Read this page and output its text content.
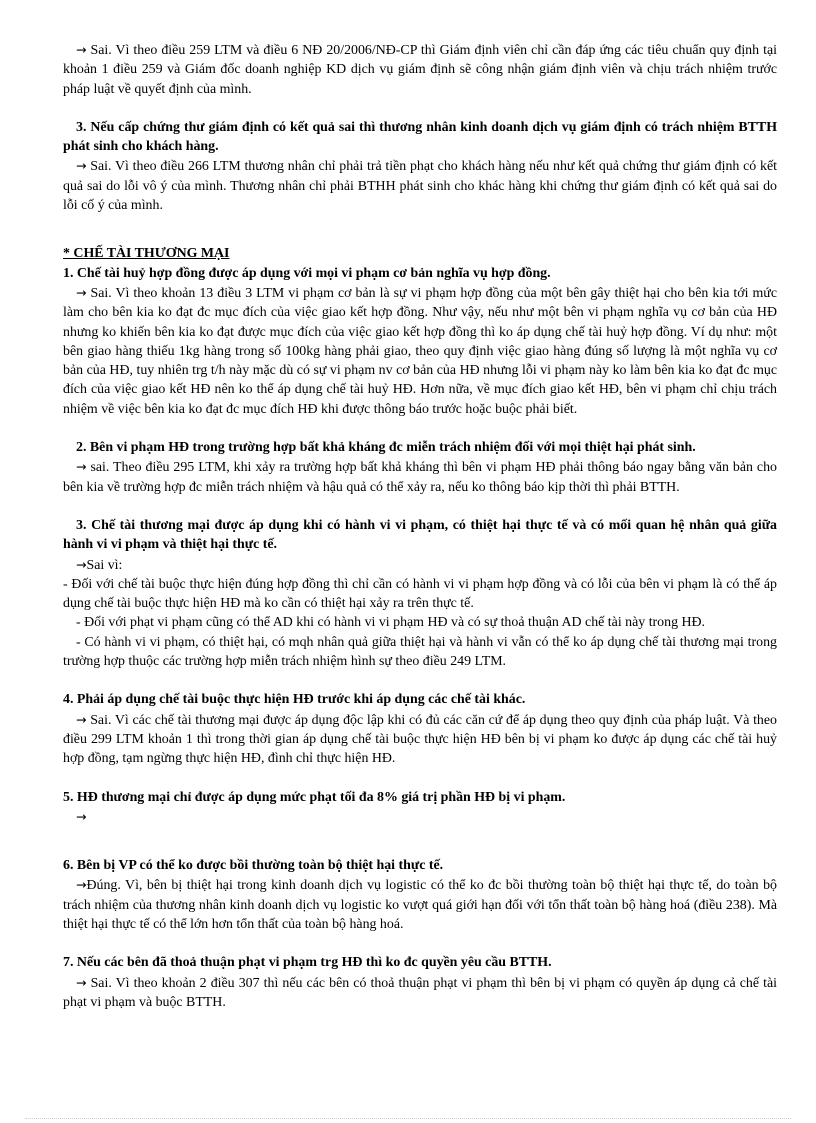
→ Sai. Vì theo điều 259 LTM và điều 6 NĐ 20/2006/NĐ-CP thì Giám định viên chỉ cần đáp ứng các tiêu chuẩn quy định tại khoản 1 điều 259 và Giám đốc doanh nghiệp KD dịch vụ giám định sẽ công nhận giám định viên và chịu trách nhiệm trước pháp luật về quyết định của mình.

3. Nếu cấp chứng thư giám định có kết quả sai thì thương nhân kinh doanh dịch vụ giám định có trách nhiệm BTTH phát sinh cho khách hàng.

→ Sai. Vì theo điều 266 LTM thương nhân chỉ phải trả tiền phạt cho khách hàng nếu như kết quả chứng thư giám định có kết quả sai do lỗi vô ý của mình. Thương nhân chỉ phải BTHH phát sinh cho khác hàng khi chứng thư giám định có kết quả sai do lỗi cố ý của mình.

* CHẾ TÀI THƯƠNG MẠI

1. Chế tài huỷ hợp đồng được áp dụng với mọi vi phạm cơ bản nghĩa vụ hợp đồng.

→ Sai. Vì theo khoản 13 điều 3 LTM vi phạm cơ bản là sự vi phạm hợp đồng của một bên gây thiệt hại cho bên kia tới mức làm cho bên kia ko đạt đc mục đích của việc giao kết hợp đồng. Như vậy, nếu như một bên vi phạm nghĩa vụ cơ bản của HĐ nhưng ko khiến bên kia ko đạt được mục đích của việc giao kết hợp đồng thì ko áp dụng chế tài huỷ hợp đồng. Ví dụ như: một bên giao hàng thiếu 1kg hàng trong số 100kg hàng phải giao, theo quy định việc giao hàng đúng số lượng là một nghĩa vụ cơ bản của HĐ, tuy nhiên trg t/h này mặc dù có sự vi phạm nv cơ bản của HĐ nhưng lỗi vi phạm này ko làm bên kia ko đạt đc mục đích của việc giao kết HĐ nên ko thể áp dụng chế tài huỷ HĐ. Hơn nữa, về mục đích giao kết HĐ, bên vi phạm chỉ chịu trách nhiệm về việc bên kia ko đạt đc mục đích HĐ khi được thông báo trước hoặc buộc phải biết.

2. Bên vi phạm HĐ trong trường hợp bất khả kháng đc miễn trách nhiệm đối với mọi thiệt hại phát sinh.

→ sai. Theo điều 295 LTM, khi xảy ra trường hợp bất khả kháng thì bên vi phạm HĐ phải thông báo ngay bằng văn bản cho bên kia về trường hợp đc miễn trách nhiệm và hậu quả có thể xảy ra, nếu ko thông báo kịp thời thì phải BTTH.

3. Chế tài thương mại được áp dụng khi có hành vi vi phạm, có thiệt hại thực tế và có mối quan hệ nhân quả giữa hành vi vi phạm và thiệt hại thực tế.

→Sai vì:

- Đối với chế tài buộc thực hiện đúng hợp đồng thì chỉ cần có hành vi vi phạm hợp đồng và có lỗi của bên vi phạm là có thể áp dụng chế tài buộc thực hiện HĐ mà ko cần có thiệt hại xảy ra trên thực tế.

- Đối với phạt vi phạm cũng có thể AD khi có hành vi vi phạm HĐ và có sự thoả thuận AD chế tài này trong HĐ.

- Có hành vi vi phạm, có thiệt hại, có mqh nhân quả giữa thiệt hại và hành vi vẫn có thể ko áp dụng chế tài thương mại trong trường hợp thuộc các trường hợp miễn trách nhiệm hình sự theo điều 249 LTM.

4. Phải áp dụng chế tài buộc thực hiện HĐ trước khi áp dụng các chế tài khác.

→ Sai. Vì các chế tài thương mại được áp dụng độc lập khi có đủ các căn cứ để áp dụng theo quy định của pháp luật. Và theo điều 299 LTM khoản 1 thì trong thời gian áp dụng chế tài buộc thực hiện HĐ bên bị vi phạm ko được áp dụng các chế tài huỷ hợp đồng, tạm ngừng thực hiện HĐ, đình chỉ thực hiện HĐ.

5. HĐ thương mại chỉ được áp dụng mức phạt tối đa 8% giá trị phần HĐ bị vi phạm.

→

6. Bên bị VP có thể ko được bồi thường toàn bộ thiệt hại thực tế.

→Đúng. Vì, bên bị thiệt hại trong kinh doanh dịch vụ logistic có thể ko đc bồi thường toàn bộ thiệt hại thực tế, do toàn bộ trách nhiệm của thương nhân kinh doanh dịch vụ logistic ko vượt quá giới hạn đối với tổn thất toàn bộ hàng hoá (điều 238). Mà thiệt hại thực tế có thể lớn hơn tổn thất của toàn bộ hàng hoá.

7. Nếu các bên đã thoả thuận phạt vi phạm trg HĐ thì ko đc quyền yêu cầu BTTH.

→ Sai. Vì theo khoản 2 điều 307 thì nếu các bên có thoả thuận phạt vi phạm thì bên bị vi phạm có quyền áp dụng cả chế tài phạt vi phạm và buộc BTTH.
